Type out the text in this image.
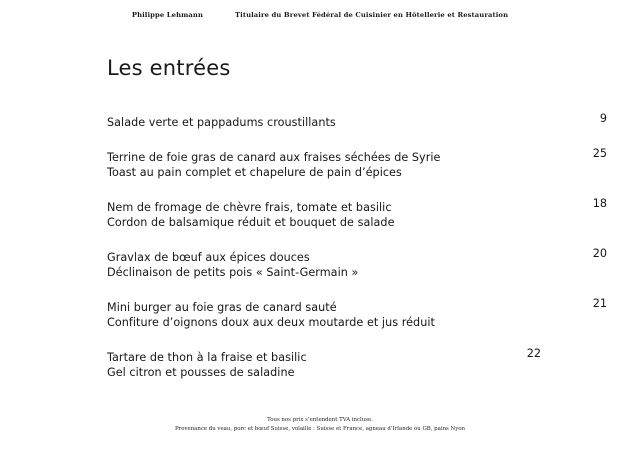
Philippe Lehmann	Titulaire du Brevet Fédéral de Cuisinier en Hôtellerie et Restauration
Les entrées
Salade verte et pappadums croustillants	9
Terrine de foie gras de canard aux fraises séchées de Syrie	25
Toast au pain complet et chapelure de pain d’épices
Nem de fromage de chèvre frais, tomate et basilic	18
Cordon de balsamique réduit et bouquet de salade
Gravlax de bœuf aux épices douces	20
Déclinaison de petits pois « Saint-Germain »
Mini burger au foie gras de canard sauté	21
Confiture d’oignons doux aux deux moutarde et jus réduit
Tartare de thon à la fraise et basilic	22
Gel citron et pousses de saladine
Tous nos prix s’entendent TVA incluse.
Provenance du veau, porc et bœuf Suisse, volaille : Suisse et France, agneau d’Irlande ou GB, pains Nyon
